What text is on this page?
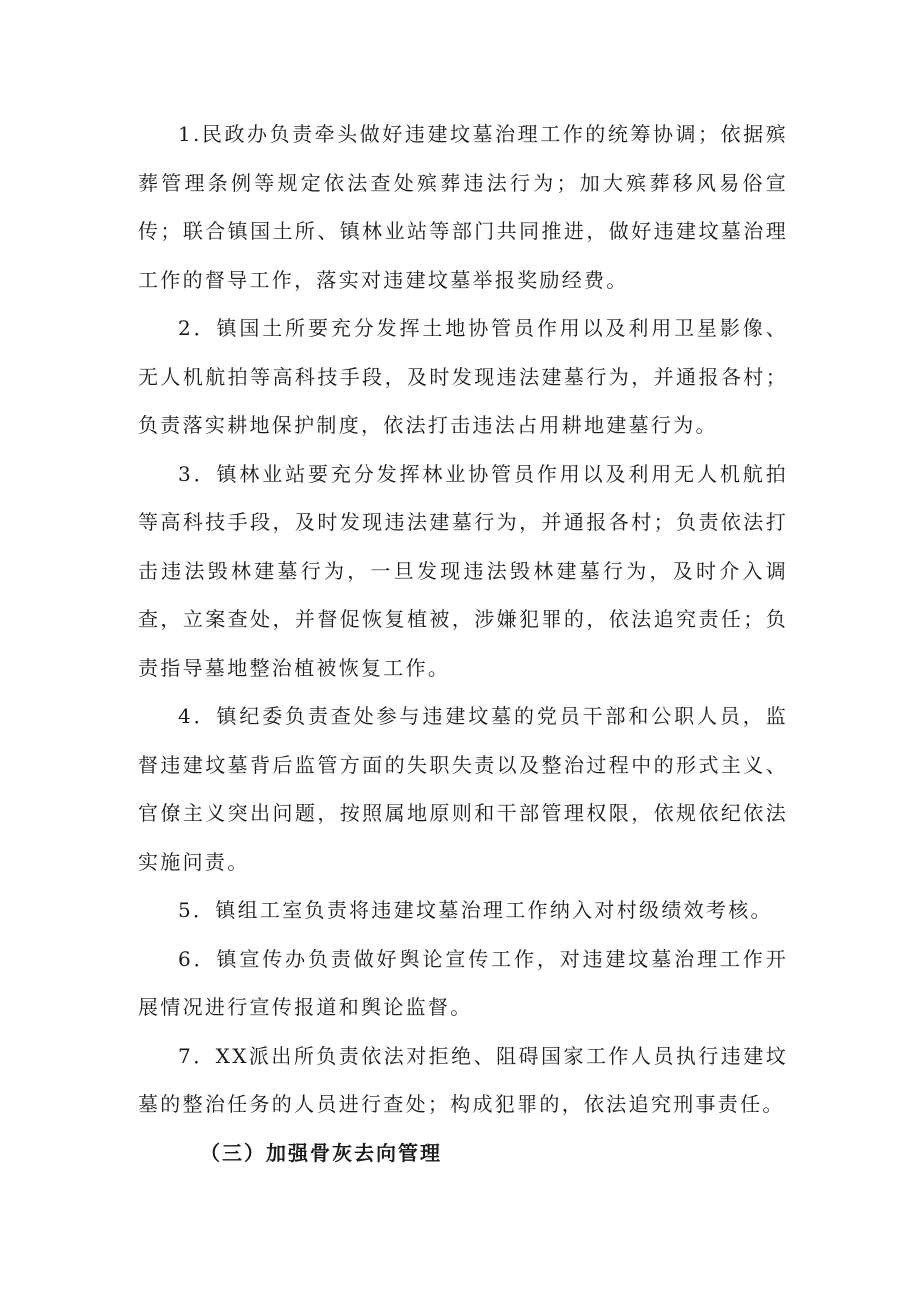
1.民政办负责牵头做好违建坟墓治理工作的统筹协调；依据殡葬管理条例等规定依法查处殡葬违法行为；加大殡葬移风易俗宣传；联合镇国土所、镇林业站等部门共同推进，做好违建坟墓治理工作的督导工作，落实对违建坟墓举报奖励经费。

2．镇国土所要充分发挥土地协管员作用以及利用卫星影像、无人机航拍等高科技手段，及时发现违法建墓行为，并通报各村；负责落实耕地保护制度，依法打击违法占用耕地建墓行为。

3．镇林业站要充分发挥林业协管员作用以及利用无人机航拍等高科技手段，及时发现违法建墓行为，并通报各村；负责依法打击违法毁林建墓行为，一旦发现违法毁林建墓行为，及时介入调查，立案查处，并督促恢复植被，涉嫌犯罪的，依法追究责任；负责指导墓地整治植被恢复工作。

4．镇纪委负责查处参与违建坟墓的党员干部和公职人员，监督违建坟墓背后监管方面的失职失责以及整治过程中的形式主义、官僚主义突出问题，按照属地原则和干部管理权限，依规依纪依法实施问责。

5．镇组工室负责将违建坟墓治理工作纳入对村级绩效考核。

6．镇宣传办负责做好舆论宣传工作，对违建坟墓治理工作开展情况进行宣传报道和舆论监督。

7．XX派出所负责依法对拒绝、阻碍国家工作人员执行违建坟墓的整治任务的人员进行查处；构成犯罪的，依法追究刑事责任。

（三）加强骨灰去向管理
